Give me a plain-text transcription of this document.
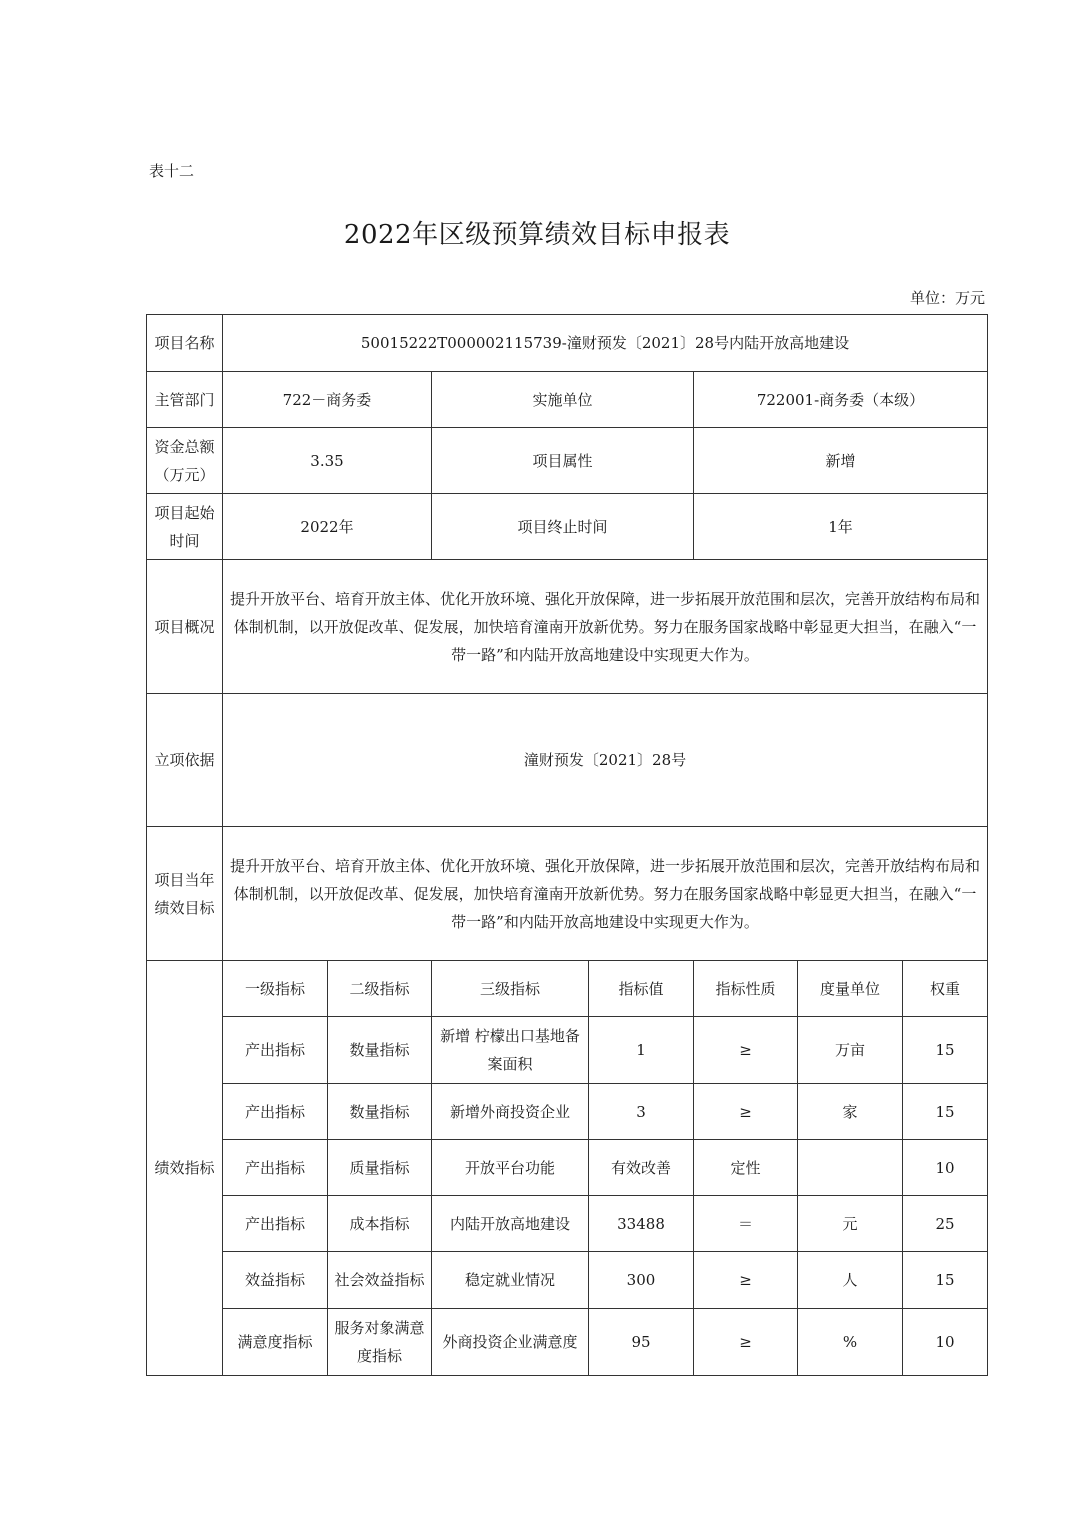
表十二
2022年区级预算绩效目标申报表
单位：万元
项目名称	50015222T000002115739-潼财预发〔2021〕28号内陆开放高地建设						
主管部门	722－商务委		实施单位		722001-商务委（本级）		
资金总额（万元）	3.35		项目属性		新增		
项目起始时间	2022年		项目终止时间		1年		
项目概况	提升开放平台、培育开放主体、优化开放环境、强化开放保障，进一步拓展开放范围和层次，完善开放结构布局和体制机制，以开放促改革、促发展，加快培育潼南开放新优势。努力在服务国家战略中彰显更大担当，在融入“一带一路”和内陆开放高地建设中实现更大作为。						
立项依据	潼财预发〔2021〕28号						
项目当年绩效目标	提升开放平台、培育开放主体、优化开放环境、强化开放保障，进一步拓展开放范围和层次，完善开放结构布局和体制机制，以开放促改革、促发展，加快培育潼南开放新优势。努力在服务国家战略中彰显更大担当，在融入“一带一路”和内陆开放高地建设中实现更大作为。						
绩效指标	一级指标	二级指标	三级指标	指标值	指标性质	度量单位	权重
	产出指标	数量指标	新增 柠檬出口基地备案面积	1	≥	万亩	15
	产出指标	数量指标	新增外商投资企业	3	≥	家	15
	产出指标	质量指标	开放平台功能	有效改善	定性		10
	产出指标	成本指标	内陆开放高地建设	33488	＝	元	25
	效益指标	社会效益指标	稳定就业情况	300	≥	人	15
	满意度指标	服务对象满意度指标	外商投资企业满意度	95	≥	%	10
